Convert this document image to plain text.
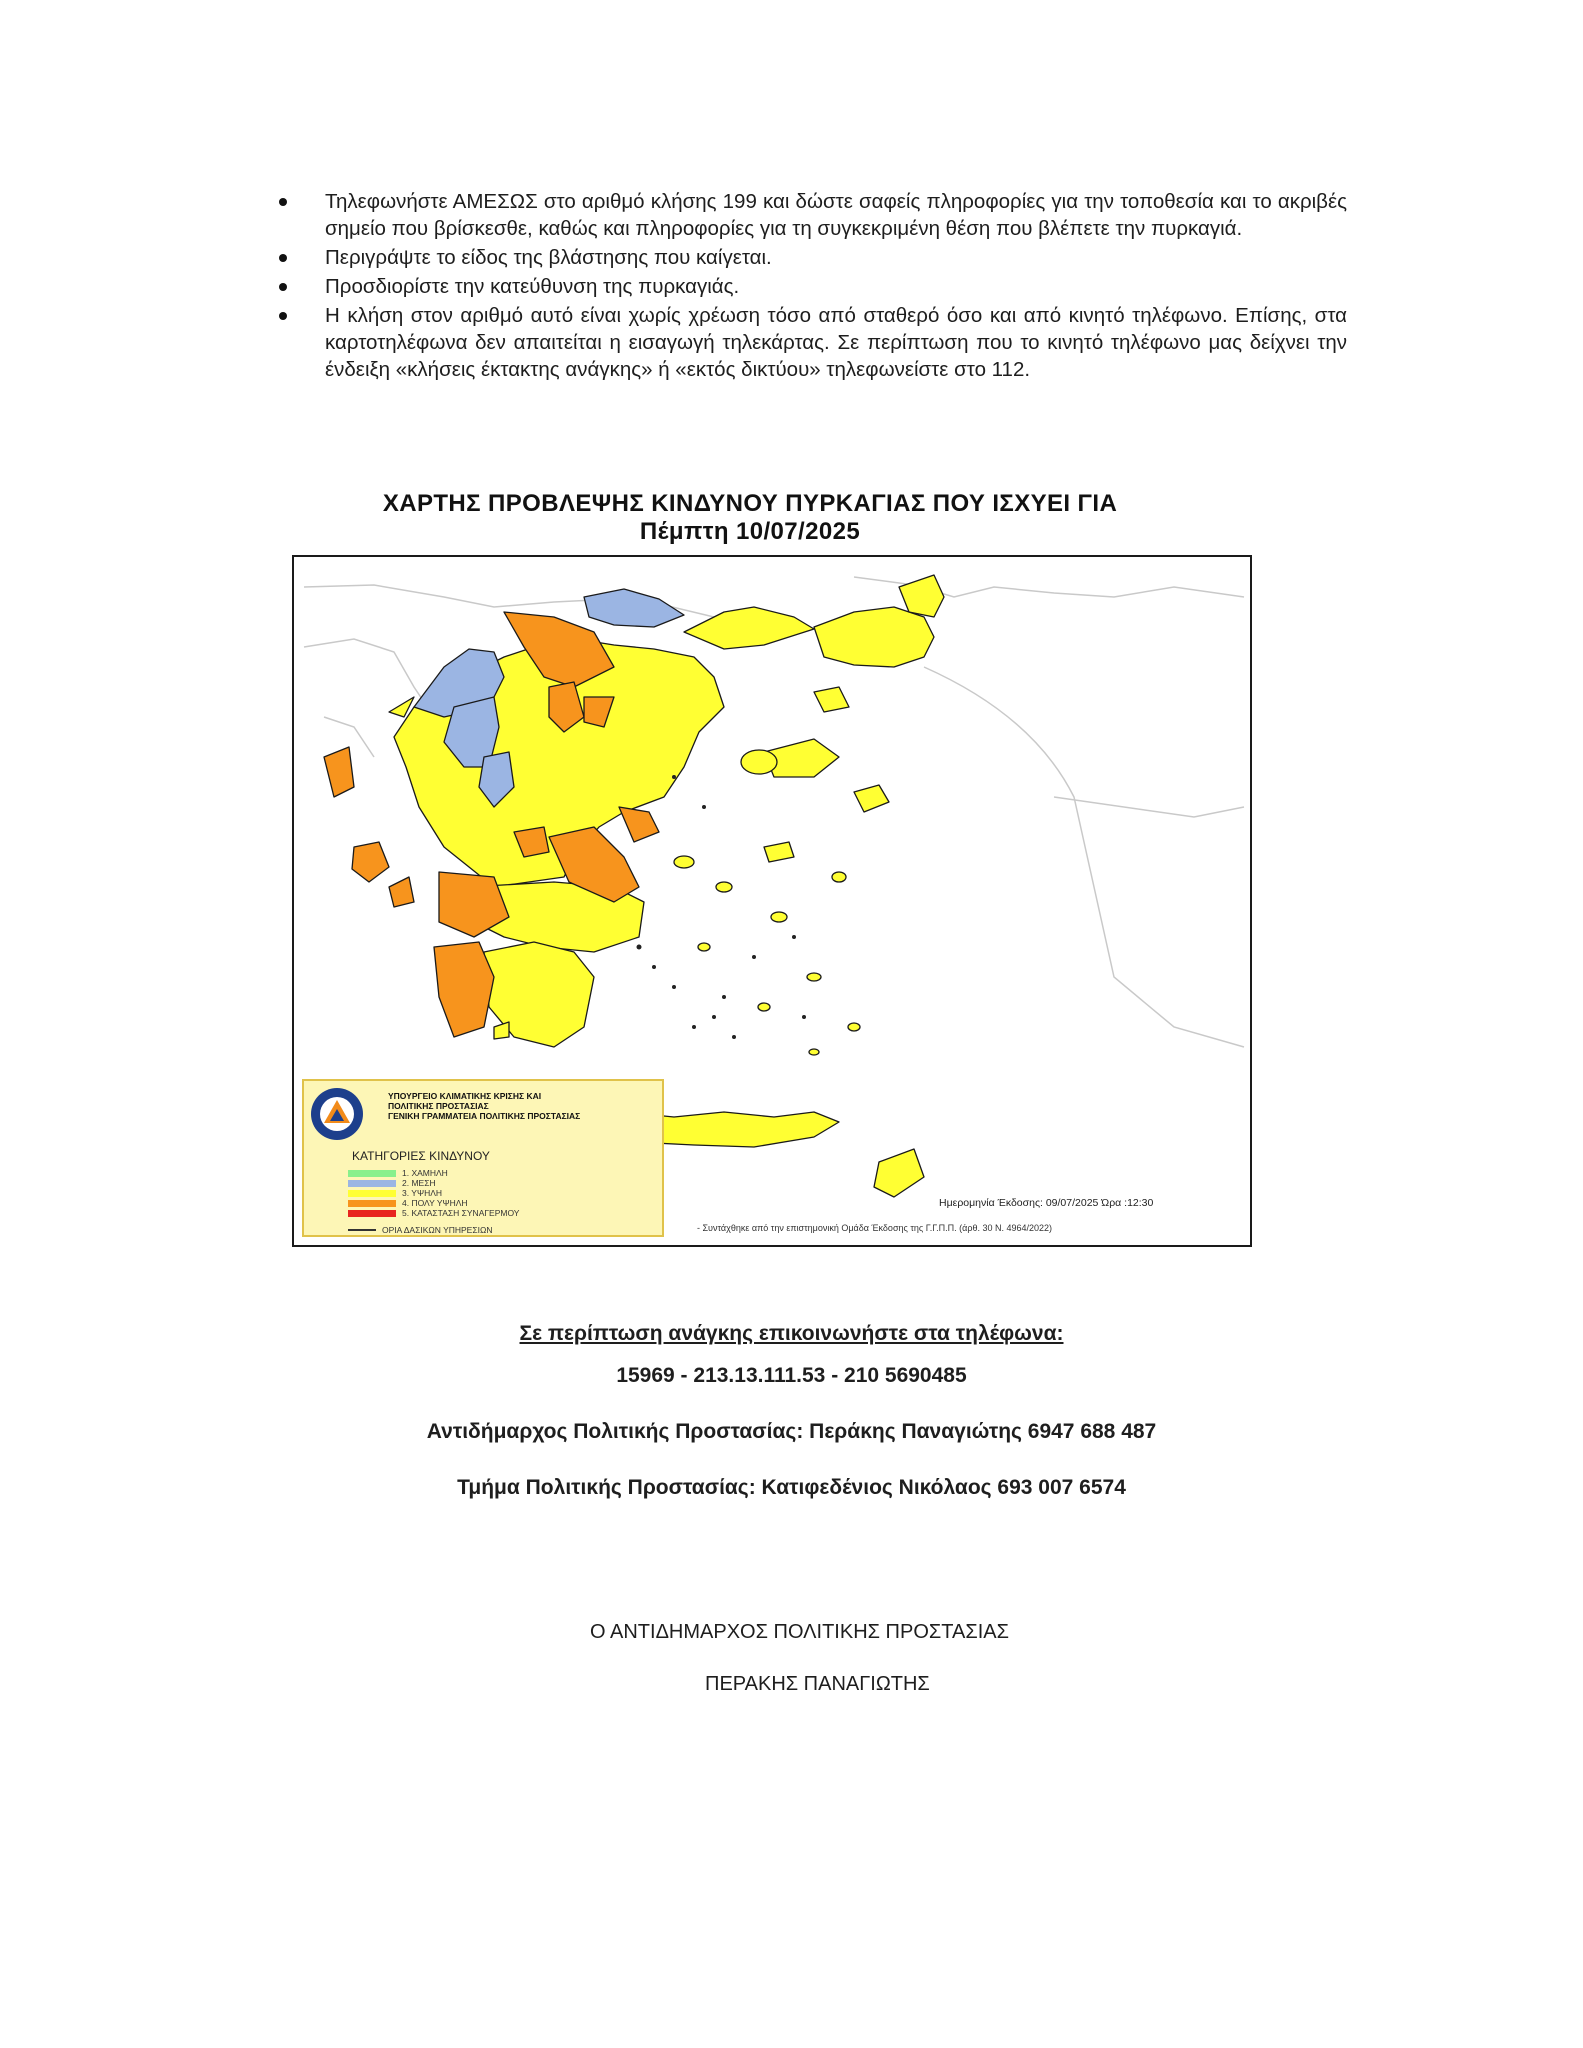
Τηλεφωνήστε ΑΜΕΣΩΣ στο αριθμό κλήσης 199 και δώστε σαφείς πληροφορίες για την τοποθεσία και το ακριβές σημείο που βρίσκεσθε, καθώς και πληροφορίες για τη συγκεκριμένη θέση που βλέπετε την πυρκαγιά.
Περιγράψτε το είδος της βλάστησης που καίγεται.
Προσδιορίστε την κατεύθυνση της πυρκαγιάς.
Η κλήση στον αριθμό αυτό είναι χωρίς χρέωση τόσο από σταθερό όσο και από κινητό τηλέφωνο. Επίσης, στα καρτοτηλέφωνα δεν απαιτείται η εισαγωγή τηλεκάρτας. Σε περίπτωση που το κινητό τηλέφωνο μας δείχνει την ένδειξη «κλήσεις έκτακτης ανάγκης» ή «εκτός δικτύου» τηλεφωνείστε στο 112.
ΧΑΡΤΗΣ ΠΡΟΒΛΕΨΗΣ ΚΙΝΔΥΝΟΥ ΠΥΡΚΑΓΙΑΣ ΠΟΥ ΙΣΧΥΕΙ ΓΙΑ
Πέμπτη 10/07/2025
ΥΠΟΥΡΓΕΙΟ ΚΛΙΜΑΤΙΚΗΣ ΚΡΙΣΗΣ ΚΑΙ
ΠΟΛΙΤΙΚΗΣ ΠΡΟΣΤΑΣΙΑΣ
ΓΕΝΙΚΗ ΓΡΑΜΜΑΤΕΙΑ ΠΟΛΙΤΙΚΗΣ ΠΡΟΣΤΑΣΙΑΣ
ΚΑΤΗΓΟΡΙΕΣ ΚΙΝΔΥΝΟΥ
1. ΧΑΜΗΛΗ
2. ΜΕΣΗ
3. ΥΨΗΛΗ
4. ΠΟΛΥ ΥΨΗΛΗ
5. ΚΑΤΑΣΤΑΣΗ ΣΥΝΑΓΕΡΜΟΥ
ΟΡΙΑ ΔΑΣΙΚΩΝ ΥΠΗΡΕΣΙΩΝ
Ημερομηνία Έκδοσης: 09/07/2025 Ώρα :12:30
- Συντάχθηκε από την επιστημονική Ομάδα Έκδοσης της Γ.Γ.Π.Π. (άρθ. 30 Ν. 4964/2022)
Σε περίπτωση ανάγκης επικοινωνήστε στα τηλέφωνα:
15969 - 213.13.111.53 - 210 5690485
Αντιδήμαρχος Πολιτικής Προστασίας: Περάκης Παναγιώτης 6947 688 487
Τμήμα Πολιτικής Προστασίας: Κατιφεδένιος Νικόλαος 693 007 6574
Ο ΑΝΤΙΔΗΜΑΡΧΟΣ ΠΟΛΙΤΙΚΗΣ ΠΡΟΣΤΑΣΙΑΣ
ΠΕΡΑΚΗΣ ΠΑΝΑΓΙΩΤΗΣ
